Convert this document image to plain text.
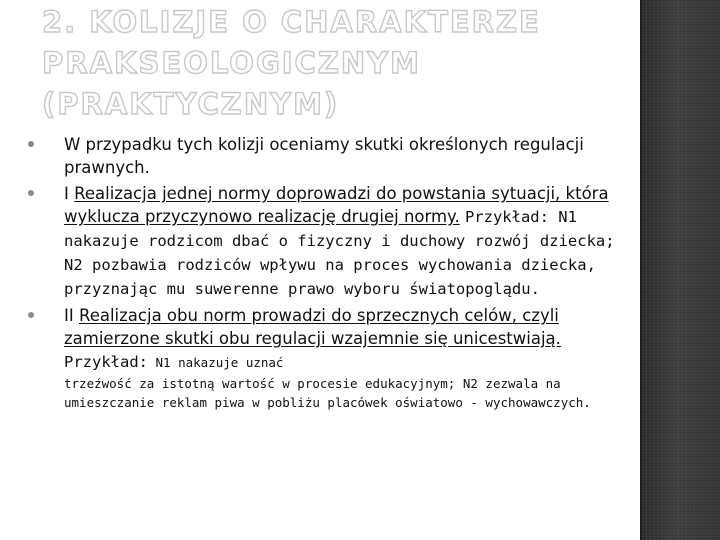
2. KOLIZJE O CHARAKTERZE PRAKSEOLOGICZNYM (PRAKTYCZNYM)
W przypadku tych kolizji oceniamy skutki określonych regulacji prawnych.
I Realizacja jednej normy doprowadzi do powstania sytuacji, która wyklucza przyczynowo realizację drugiej normy. Przykład: N1 nakazuje rodzicom dbać o fizyczny i duchowy rozwój dziecka; N2 pozbawia rodziców wpływu na proces wychowania dziecka, przyznając mu suwerenne prawo wyboru światopoglądu.
II Realizacja obu norm prowadzi do sprzecznych celów, czyli zamierzone skutki obu regulacji wzajemnie się unicestwiają. Przykład: N1 nakazuje uznać
trzeźwość za istotną wartość w procesie edukacyjnym; N2 zezwala na umieszczanie reklam piwa w pobliżu placówek oświatowo - wychowawczych.
